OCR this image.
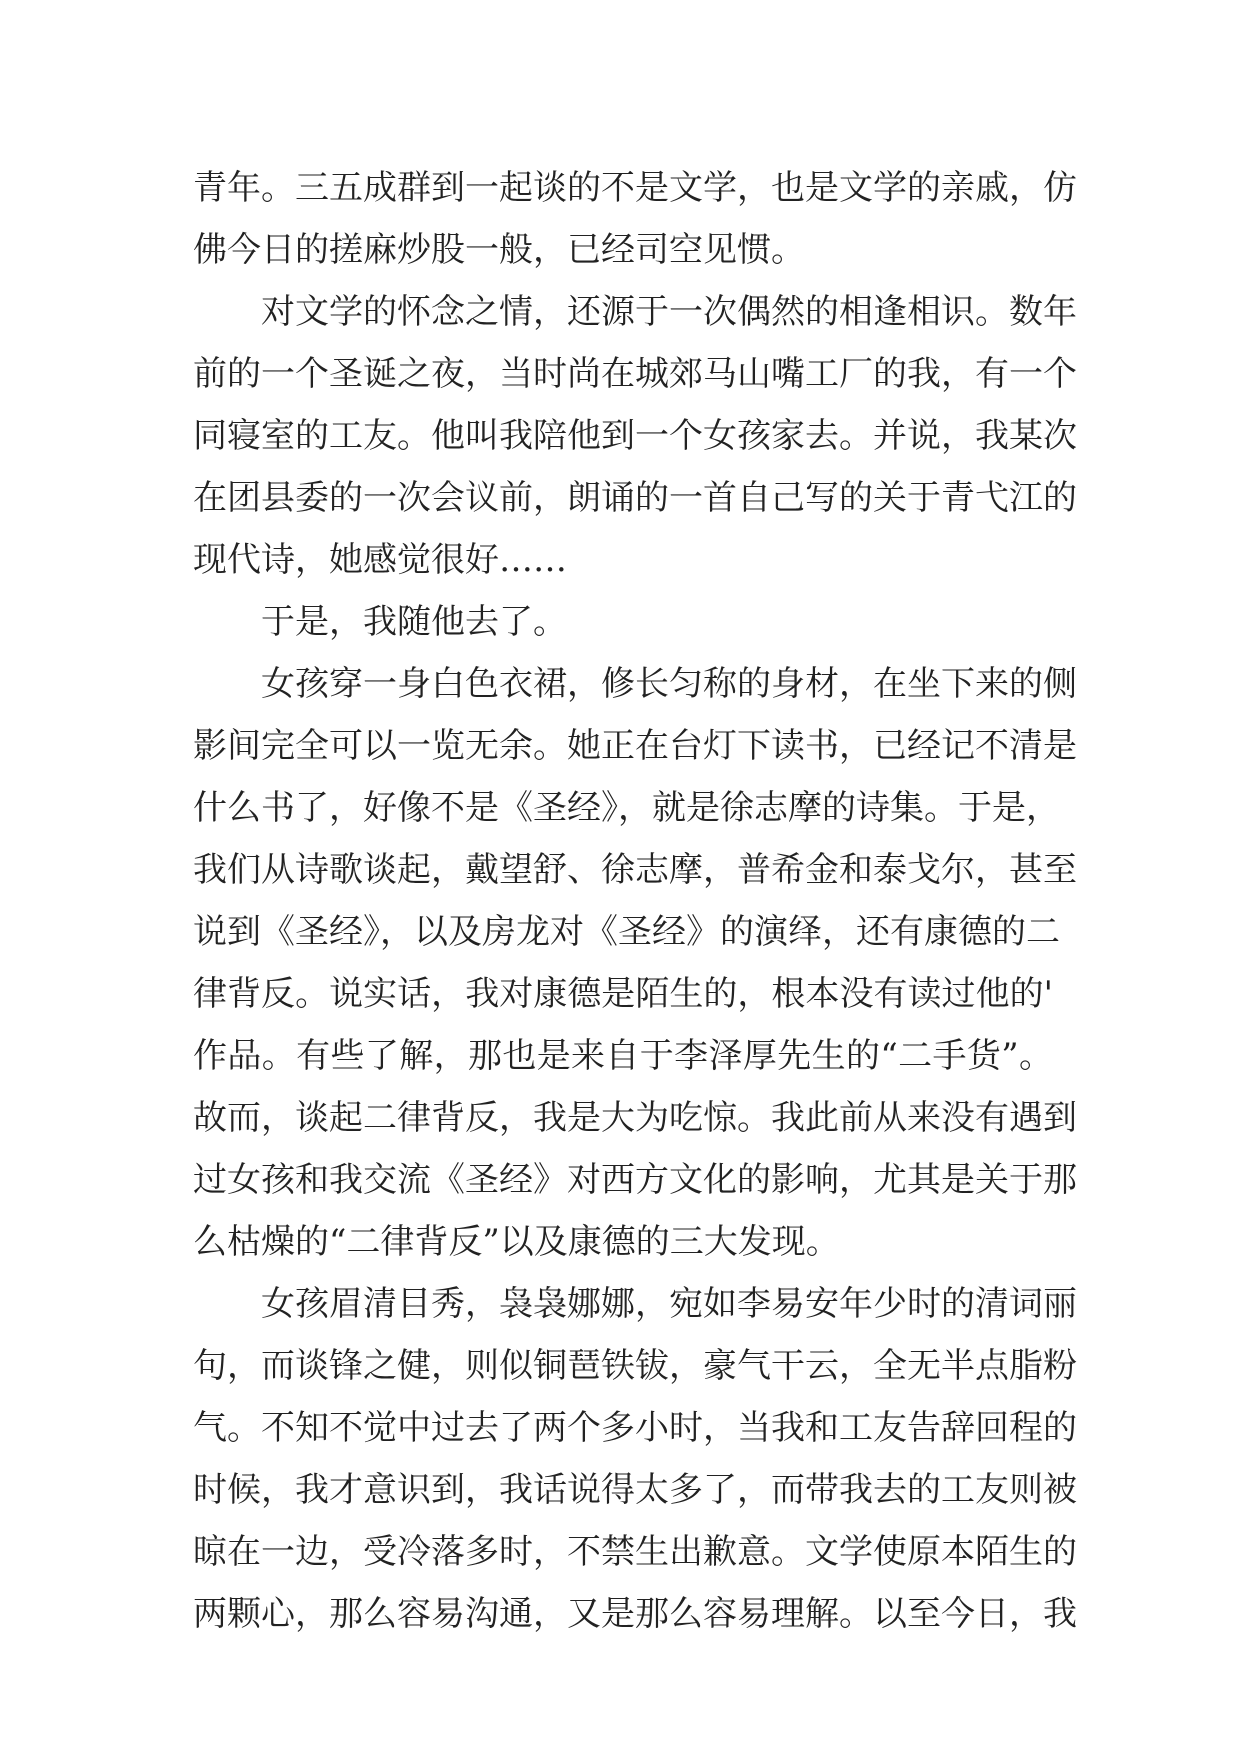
青年。三五成群到一起谈的不是文学，也是文学的亲戚，仿
佛今日的搓麻炒股一般，已经司空见惯。
对文学的怀念之情，还源于一次偶然的相逢相识。数年
前的一个圣诞之夜，当时尚在城郊马山嘴工厂的我，有一个
同寝室的工友。他叫我陪他到一个女孩家去。并说，我某次
在团县委的一次会议前，朗诵的一首自己写的关于青弋江的
现代诗，她感觉很好……
于是，我随他去了。
女孩穿一身白色衣裙，修长匀称的身材，在坐下来的侧
影间完全可以一览无余。她正在台灯下读书，已经记不清是
什么书了，好像不是《圣经》，就是徐志摩的诗集。于是，
我们从诗歌谈起，戴望舒、徐志摩，普希金和泰戈尔，甚至
说到《圣经》，以及房龙对《圣经》的演绎，还有康德的二
律背反。说实话，我对康德是陌生的，根本没有读过他的'
作品。有些了解，那也是来自于李泽厚先生的“二手货”。
故而，谈起二律背反，我是大为吃惊。我此前从来没有遇到
过女孩和我交流《圣经》对西方文化的影响，尤其是关于那
么枯燥的“二律背反”以及康德的三大发现。
女孩眉清目秀，袅袅娜娜，宛如李易安年少时的清词丽
句，而谈锋之健，则似铜琶铁钹，豪气干云，全无半点脂粉
气。不知不觉中过去了两个多小时，当我和工友告辞回程的
时候，我才意识到，我话说得太多了，而带我去的工友则被
晾在一边，受冷落多时，不禁生出歉意。文学使原本陌生的
两颗心，那么容易沟通，又是那么容易理解。以至今日，我
